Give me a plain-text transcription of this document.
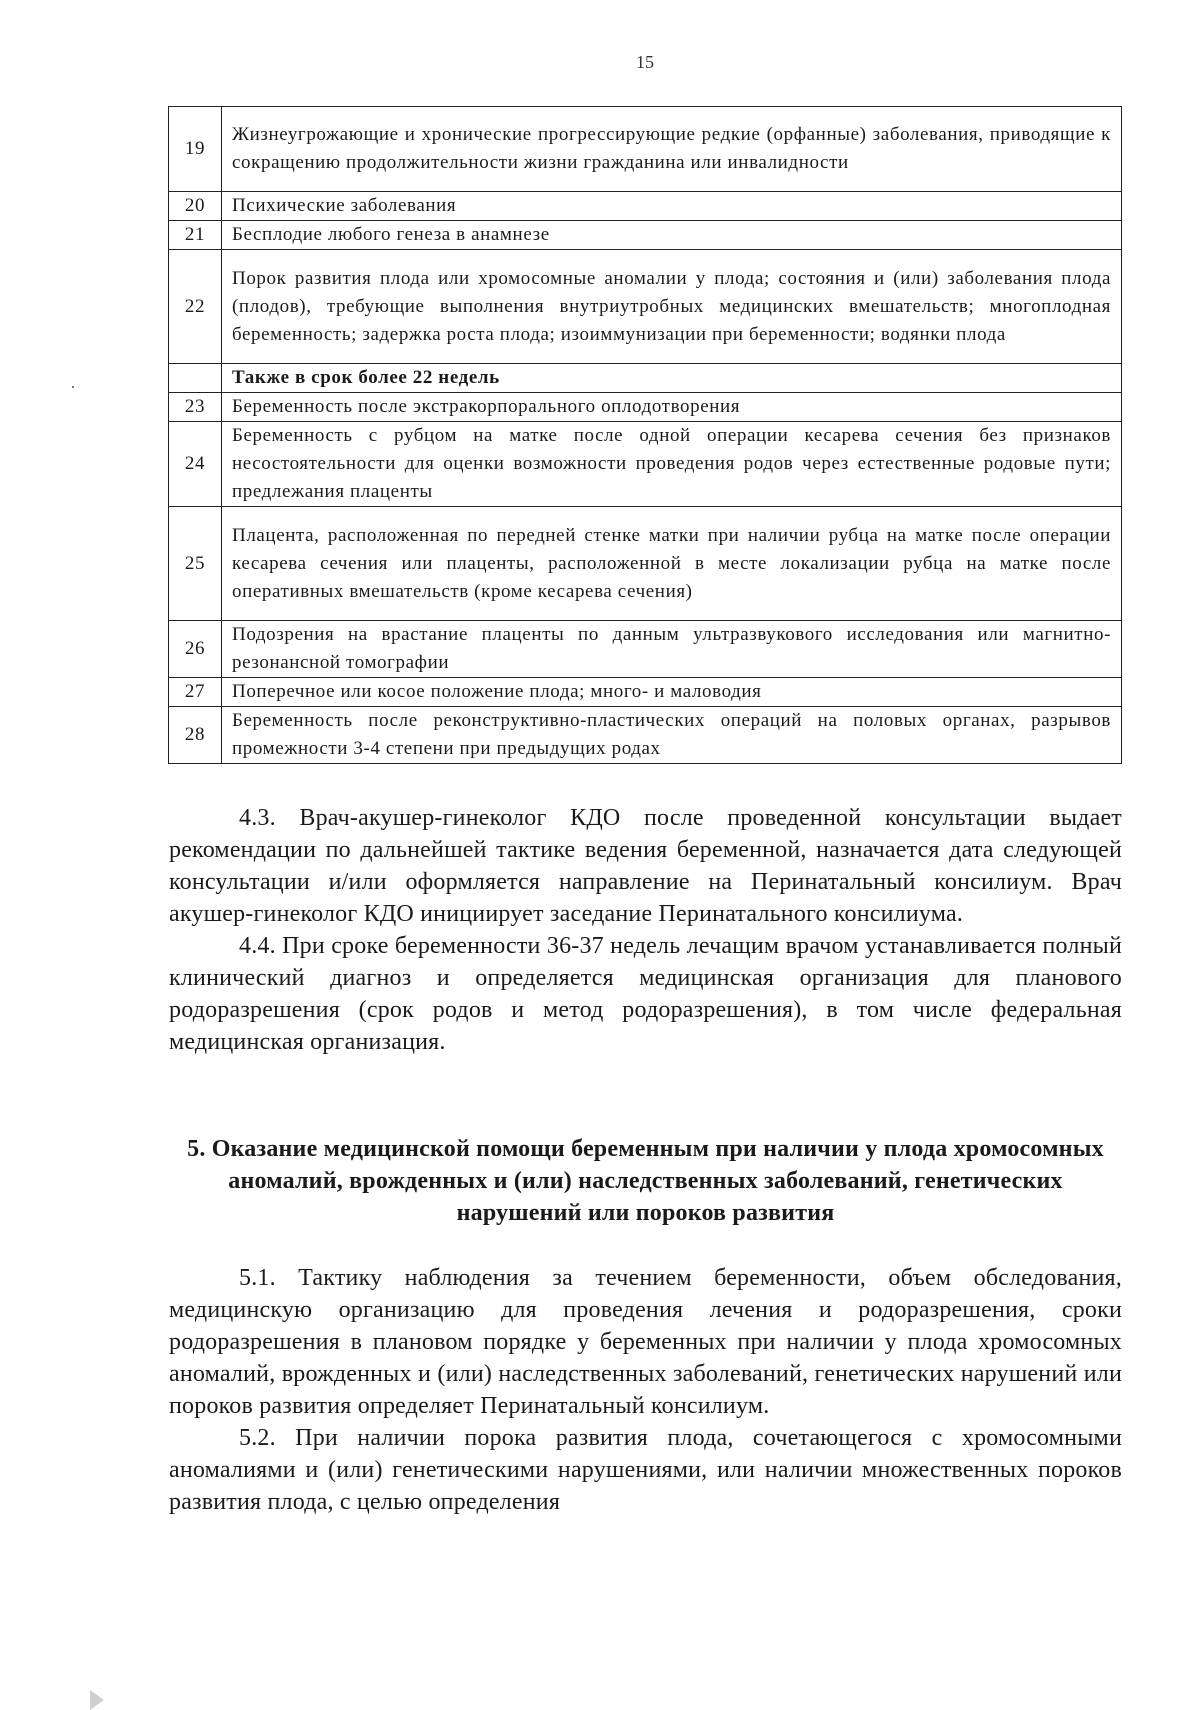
15
19	Жизнеугрожающие и хронические прогрессирующие редкие (орфанные) заболевания, приводящие к сокращению продолжительности жизни гражданина или инвалидности
20	Психические заболевания
21	Бесплодие любого генеза в анамнезе
22	Порок развития плода или хромосомные аномалии у плода; состояния и (или) заболевания плода (плодов), требующие выполнения внутриутробных медицинских вмешательств; многоплодная беременность; задержка роста плода; изоиммунизации при беременности; водянки плода
	Также в срок более 22 недель
23	Беременность после экстракорпорального оплодотворения
24	Беременность с рубцом на матке после одной операции кесарева сечения без признаков несостоятельности для оценки возможности проведения родов через естественные родовые пути; предлежания плаценты
25	Плацента, расположенная по передней стенке матки при наличии рубца на матке после операции кесарева сечения или плаценты, расположенной в месте локализации рубца на матке после оперативных вмешательств (кроме кесарева сечения)
26	Подозрения на врастание плаценты по данным ультразвукового исследования или магнитно-резонансной томографии
27	Поперечное или косое положение плода; много- и маловодия
28	Беременность после реконструктивно-пластических операций на половых органах, разрывов промежности 3-4 степени при предыдущих родах

4.3. Врач-акушер-гинеколог КДО после проведенной консультации выдает рекомендации по дальнейшей тактике ведения беременной, назначается дата следующей консультации и/или оформляется направление на Перинатальный консилиум. Врач акушер-гинеколог КДО инициирует заседание Перинатального консилиума.

4.4. При сроке беременности 36-37 недель лечащим врачом устанавливается полный клинический диагноз и определяется медицинская организация для планового родоразрешения (срок родов и метод родоразрешения), в том числе федеральная медицинская организация.

5. Оказание медицинской помощи беременным при наличии у плода хромосомных аномалий, врожденных и (или) наследственных заболеваний, генетических нарушений или пороков развития

5.1. Тактику наблюдения за течением беременности, объем обследования, медицинскую организацию для проведения лечения и родоразрешения, сроки родоразрешения в плановом порядке у беременных при наличии у плода хромосомных аномалий, врожденных и (или) наследственных заболеваний, генетических нарушений или пороков развития определяет Перинатальный консилиум.

5.2. При наличии порока развития плода, сочетающегося с хромосомными аномалиями и (или) генетическими нарушениями, или наличии множественных пороков развития плода, с целью определения
